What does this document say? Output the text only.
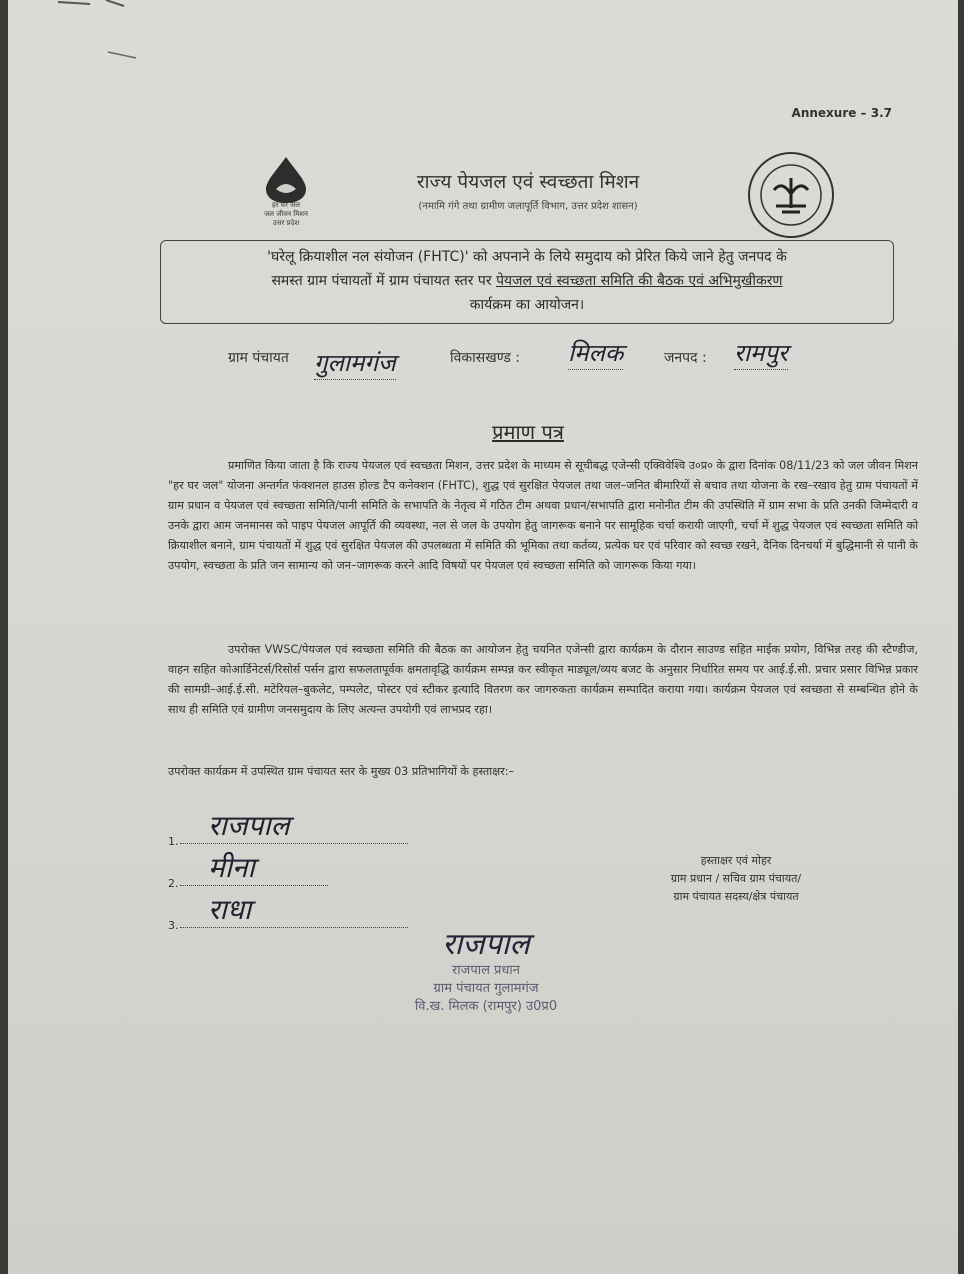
Annexure – 3.7
हर घर जल
जल जीवन मिशन
उत्तर प्रदेश
राज्य पेयजल एवं स्वच्छता मिशन
(नमामि गंगे तथा ग्रामीण जलापूर्ति विभाग, उत्तर प्रदेश शासन)
'घरेलू क्रियाशील नल संयोजन (FHTC)' को अपनाने के लिये समुदाय को प्रेरित किये जाने हेतु जनपद के
समस्त ग्राम पंचायतों में ग्राम पंचायत स्तर पर पेयजल एवं स्वच्छता समिति की बैठक एवं अभिमुखीकरण
कार्यक्रम का आयोजन।
ग्राम पंचायत गुलामगंज	विकासखण्ड : मिलक	जनपद : रामपुर
प्रमाण पत्र
प्रमाणित किया जाता है कि राज्य पेयजल एवं स्वच्छता मिशन, उत्तर प्रदेश के माध्यम से सूचीबद्ध एजेन्सी एक्विवेश्वि उ०प्र० के द्वारा दिनांक 08/11/23 को जल जीवन मिशन "हर घर जल" योजना अन्तर्गत फंक्शनल हाउस होल्ड टैप कनेक्शन (FHTC), शुद्ध एवं सुरक्षित पेयजल तथा जल–जनित बीमारियों से बचाव तथा योजना के रख–रखाव हेतु ग्राम पंचायतों में ग्राम प्रधान व पेयजल एवं स्वच्छता समिति/पानी समिति के सभापति के नेतृत्व में गठित टीम अथवा प्रधान/सभापति द्वारा मनोनीत टीम की उपस्थिति में ग्राम सभा के प्रति उनकी जिम्मेदारी व उनके द्वारा आम जनमानस को पाइप पेयजल आपूर्ति की व्यवस्था, नल से जल के उपयोग हेतु जागरूक बनाने पर सामूहिक चर्चा करायी जाएगी, चर्चा में शुद्ध पेयजल एवं स्वच्छता समिति को क्रियाशील बनाने, ग्राम पंचायतों में शुद्ध एवं सुरक्षित पेयजल की उपलब्धता में समिति की भूमिका तथा कर्तव्य, प्रत्येक घर एवं परिवार को स्वच्छ रखने, दैनिक दिनचर्या में बुद्धिमानी से पानी के उपयोग, स्वच्छता के प्रति जन सामान्य को जन–जागरूक करने आदि विषयों पर पेयजल एवं स्वच्छता समिति को जागरूक किया गया।
उपरोक्त VWSC/पेयजल एवं स्वच्छता समिति की बैठक का आयोजन हेतु चयनित एजेन्सी द्वारा कार्यक्रम के दौरान साउण्ड सहित माईक प्रयोग, विभिन्न तरह की स्टैण्डीज, वाहन सहित कोआर्डिनेटर्स/रिसोर्स पर्सन द्वारा सफलतापूर्वक क्षमतावृद्धि कार्यक्रम सम्पन्न कर स्वीकृत माड्यूल/व्यय बजट के अनुसार निर्धारित समय पर आई.ई.सी. प्रचार प्रसार विभिन्न प्रकार की सामग्री–आई.ई.सी. मटेरियल–बुकलेट, पम्पलेट, पोस्टर एवं स्टीकर इत्यादि वितरण कर जागरुकता कार्यक्रम सम्पादित कराया गया। कार्यक्रम पेयजल एवं स्वच्छता से सम्बन्धित होने के साथ ही समिति एवं ग्रामीण जनसमुदाय के लिए अत्यन्त उपयोगी एवं लाभप्रद रहा।
उपरोक्त कार्यक्रम में उपस्थित ग्राम पंचायत स्तर के मुख्य 03 प्रतिभागियों के हस्ताक्षर:–
1. राजपाल
2. मीना
3. राधा
हस्ताक्षर एवं मोहर
ग्राम प्रधान / सचिव ग्राम पंचायत/
ग्राम पंचायत सदस्य/क्षेत्र पंचायत
राजपाल
राजपाल प्रधान
ग्राम पंचायत गुलामगंज
वि.ख. मिलक (रामपुर) उ0प्र0
